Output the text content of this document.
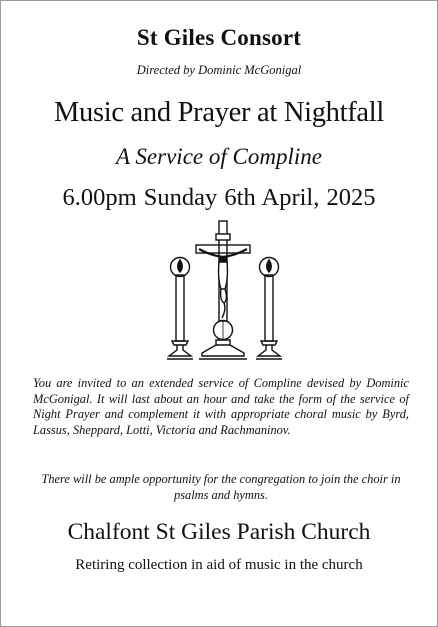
St Giles Consort
Directed by Dominic McGonigal
Music and Prayer at Nightfall
A Service of Compline
6.00pm Sunday 6th April, 2025

You are invited to an extended service of Compline devised by Dominic McGonigal. It will last about an hour and take the form of the service of Night Prayer and complement it with appropriate choral music by Byrd, Lassus, Sheppard, Lotti, Victoria and Rachmaninov.

There will be ample opportunity for the congregation to join the choir in psalms and hymns.

Chalfont St Giles Parish Church
Retiring collection in aid of music in the church
